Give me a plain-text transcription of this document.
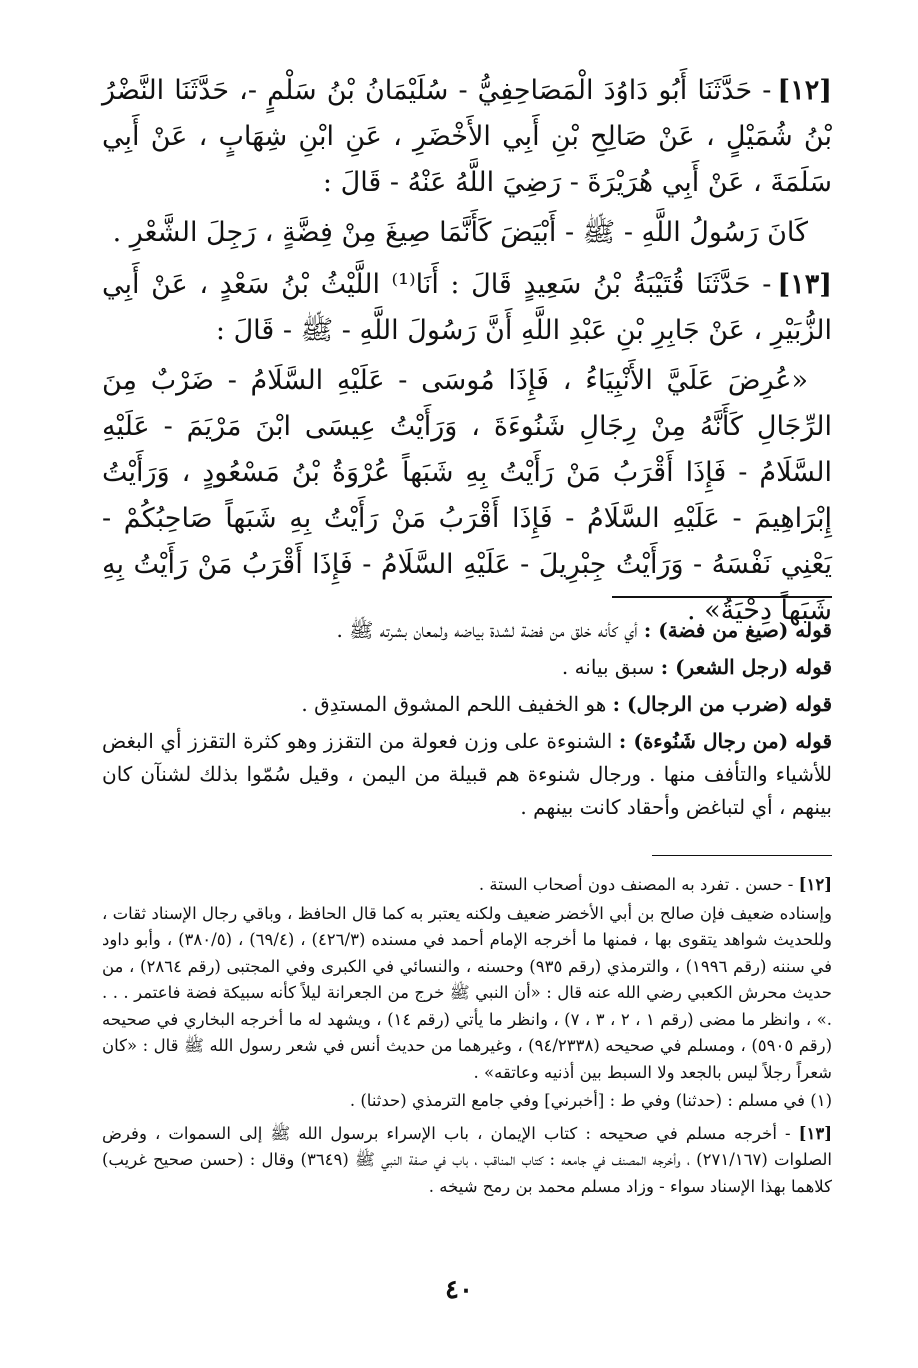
[١٢]- حَدَّثَنَا أَبُو دَاوُدَ الْمَصَاحِفِيُّ - سُلَيْمَانُ بْنُ سَلْمٍ -، حَدَّثَنَا النَّضْرُ بْنُ شُمَيْلٍ ، عَنْ صَالِحِ بْنِ أَبِي الأَخْضَرِ ، عَنِ ابْنِ شِهَابٍ ، عَنْ أَبِي سَلَمَةَ ، عَنْ أَبِي هُرَيْرَةَ - رَضِيَ اللَّهُ عَنْهُ - قَالَ :

كَانَ رَسُولُ اللَّهِ - ﷺ - أَبْيَضَ كَأَنَّمَا صِيغَ مِنْ فِضَّةٍ ، رَجِلَ الشَّعْرِ .

[١٣]- حَدَّثَنَا قُتَيْبَةُ بْنُ سَعِيدٍ قَالَ : أَنَا⁽¹⁾ اللَّيْثُ بْنُ سَعْدٍ ، عَنْ أَبِي الزُّبَيْرِ ، عَنْ جَابِرِ بْنِ عَبْدِ اللَّهِ أَنَّ رَسُولَ اللَّهِ - ﷺ - قَالَ :

«عُرِضَ عَلَيَّ الأَنْبِيَاءُ ، فَإِذَا مُوسَى - عَلَيْهِ السَّلَامُ - ضَرْبٌ مِنَ الرِّجَالِ كَأَنَّهُ مِنْ رِجَالِ شَنُوءَةَ ، وَرَأَيْتُ عِيسَى ابْنَ مَرْيَمَ - عَلَيْهِ السَّلَامُ - فَإِذَا أَقْرَبُ مَنْ رَأَيْتُ بِهِ شَبَهاً عُرْوَةُ بْنُ مَسْعُودٍ ، وَرَأَيْتُ إِبْرَاهِيمَ - عَلَيْهِ السَّلَامُ - فَإِذَا أَقْرَبُ مَنْ رَأَيْتُ بِهِ شَبَهاً صَاحِبُكُمْ - يَعْنِي نَفْسَهُ - وَرَأَيْتُ جِبْرِيلَ - عَلَيْهِ السَّلَامُ - فَإِذَا أَقْرَبُ مَنْ رَأَيْتُ بِهِ شَبَهاً دِحْيَةُ» .

قوله (صيغ من فضة) : أي كأنه خلق من فضة لشدة بياضه ولمعان بشرته ﷺ .

قوله (رجل الشعر) : سبق بيانه .

قوله (ضرب من الرجال) : هو الخفيف اللحم المشوق المستدِق .

قوله (من رجال شَنُوءة) : الشنوءة على وزن فعولة من التقزز وهو كثرة التقزز أي البغض للأشياء والتأفف منها . ورجال شنوءة هم قبيلة من اليمن ، وقيل سُمّوا بذلك لشنآن كان بينهم ، أي لتباغض وأحقاد كانت بينهم .

[١٢] - حسن . تفرد به المصنف دون أصحاب الستة .

وإسناده ضعيف فإن صالح بن أبي الأخضر ضعيف ولكنه يعتبر به كما قال الحافظ ، وباقي رجال الإسناد ثقات ، وللحديث شواهد يتقوى بها ، فمنها ما أخرجه الإمام أحمد في مسنده (٤٢٦/٣) ، (٦٩/٤) ، (٣٨٠/٥) ، وأبو داود في سننه (رقم ١٩٩٦) ، والترمذي (رقم ٩٣٥) وحسنه ، والنسائي في الكبرى وفي المجتبى (رقم ٢٨٦٤) ، من حديث محرش الكعبي رضي الله عنه قال : «أن النبي ﷺ خرج من الجعرانة ليلاً كأنه سبيكة فضة فاعتمر . . . .» ، وانظر ما مضى (رقم ١ ، ٢ ، ٣ ، ٧) ، وانظر ما يأتي (رقم ١٤) ، ويشهد له ما أخرجه البخاري في صحيحه (رقم ٥٩٠٥) ، ومسلم في صحيحه (٩٤/٢٣٣٨) ، وغيرهما من حديث أنس في شعر رسول الله ﷺ قال : «كان شعراً رجلاً ليس بالجعد ولا السبط بين أذنيه وعاتقه» .

(١) في مسلم : (حدثنا) وفي ط : [أخبرني] وفي جامع الترمذي (حدثنا) .

[١٣] - أخرجه مسلم في صحيحه : كتاب الإيمان ، باب الإسراء برسول الله ﷺ إلى السموات ، وفرض الصلوات (٢٧١/١٦٧) ، وأخرجه المصنف في جامعه : كتاب المناقب ، باب في صفة النبي ﷺ (٣٦٤٩) وقال : (حسن صحيح غريب) كلاهما بهذا الإسناد سواء - وزاد مسلم محمد بن رمح شيخه .

٤٠
